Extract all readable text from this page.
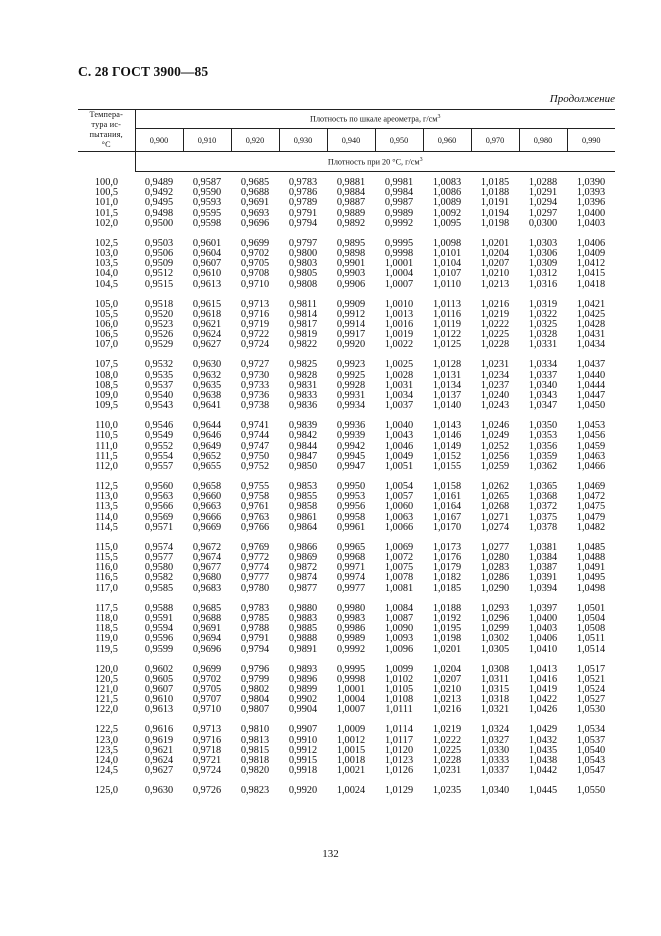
С. 28 ГОСТ 3900—85
Продолжение
Темпера-
тура ис-
пытания,
°С	Плотность по шкале ареометра, $г/см^3$
	0,900	0,910	0,920	0,930	0,940	0,950	0,960	0,970	0,980	0,990
	Плотность при 20 °С, $г/см^3$
100,0	0,9489	0,9587	0,9685	0,9783	0,9881	0,9981	1,0083	1,0185	1,0288	1,0390
100,5	0,9492	0,9590	0,9688	0,9786	0,9884	0,9984	1,0086	1,0188	1,0291	1,0393
101,0	0,9495	0,9593	0,9691	0,9789	0,9887	0,9987	1,0089	1,0191	1,0294	1,0396
101,5	0,9498	0,9595	0,9693	0,9791	0,9889	0,9989	1,0092	1,0194	1,0297	1,0400
102,0	0,9500	0,9598	0,9696	0,9794	0,9892	0,9992	1,0095	1,0198	0,0300	1,0403

102,5	0,9503	0,9601	0,9699	0,9797	0,9895	0,9995	1,0098	1,0201	1,0303	1,0406
103,0	0,9506	0,9604	0,9702	0,9800	0,9898	0,9998	1,0101	1,0204	1,0306	1,0409
103,5	0,9509	0,9607	0,9705	0,9803	0,9901	1,0001	1,0104	1,0207	1,0309	1,0412
104,0	0,9512	0,9610	0,9708	0,9805	0,9903	1,0004	1,0107	1,0210	1,0312	1,0415
104,5	0,9515	0,9613	0,9710	0,9808	0,9906	1,0007	1,0110	1,0213	1,0316	1,0418

105,0	0,9518	0,9615	0,9713	0,9811	0,9909	1,0010	1,0113	1,0216	1,0319	1,0421
105,5	0,9520	0,9618	0,9716	0,9814	0,9912	1,0013	1,0116	1,0219	1,0322	1,0425
106,0	0,9523	0,9621	0,9719	0,9817	0,9914	1,0016	1,0119	1,0222	1,0325	1,0428
106,5	0,9526	0,9624	0,9722	0,9819	0,9917	1,0019	1,0122	1,0225	1,0328	1,0431
107,0	0,9529	0,9627	0,9724	0,9822	0,9920	1,0022	1,0125	1,0228	1,0331	1,0434

107,5	0,9532	0,9630	0,9727	0,9825	0,9923	1,0025	1,0128	1,0231	1,0334	1,0437
108,0	0,9535	0,9632	0,9730	0,9828	0,9925	1,0028	1,0131	1,0234	1,0337	1,0440
108,5	0,9537	0,9635	0,9733	0,9831	0,9928	1,0031	1,0134	1,0237	1,0340	1,0444
109,0	0,9540	0,9638	0,9736	0,9833	0,9931	1,0034	1,0137	1,0240	1,0343	1,0447
109,5	0,9543	0,9641	0,9738	0,9836	0,9934	1,0037	1,0140	1,0243	1,0347	1,0450

110,0	0,9546	0,9644	0,9741	0,9839	0,9936	1,0040	1,0143	1,0246	1,0350	1,0453
110,5	0,9549	0,9646	0,9744	0,9842	0,9939	1,0043	1,0146	1,0249	1,0353	1,0456
111,0	0,9552	0,9649	0,9747	0,9844	0,9942	1,0046	1,0149	1,0252	1,0356	1,0459
111,5	0,9554	0,9652	0,9750	0,9847	0,9945	1,0049	1,0152	1,0256	1,0359	1,0463
112,0	0,9557	0,9655	0,9752	0,9850	0,9947	1,0051	1,0155	1,0259	1,0362	1,0466

112,5	0,9560	0,9658	0,9755	0,9853	0,9950	1,0054	1,0158	1,0262	1,0365	1,0469
113,0	0,9563	0,9660	0,9758	0,9855	0,9953	1,0057	1,0161	1,0265	1,0368	1,0472
113,5	0,9566	0,9663	0,9761	0,9858	0,9956	1,0060	1,0164	1,0268	1,0372	1,0475
114,0	0,9569	0,9666	0,9763	0,9861	0,9958	1,0063	1,0167	1,0271	1,0375	1,0479
114,5	0,9571	0,9669	0,9766	0,9864	0,9961	1,0066	1,0170	1,0274	1,0378	1,0482

115,0	0,9574	0,9672	0,9769	0,9866	0,9965	1,0069	1,0173	1,0277	1,0381	1,0485
115,5	0,9577	0,9674	0,9772	0,9869	0,9968	1,0072	1,0176	1,0280	1,0384	1,0488
116,0	0,9580	0,9677	0,9774	0,9872	0,9971	1,0075	1,0179	1,0283	1,0387	1,0491
116,5	0,9582	0,9680	0,9777	0,9874	0,9974	1,0078	1,0182	1,0286	1,0391	1,0495
117,0	0,9585	0,9683	0,9780	0,9877	0,9977	1,0081	1,0185	1,0290	1,0394	1,0498

117,5	0,9588	0,9685	0,9783	0,9880	0,9980	1,0084	1,0188	1,0293	1,0397	1,0501
118,0	0,9591	0,9688	0,9785	0,9883	0,9983	1,0087	1,0192	1,0296	1,0400	1,0504
118,5	0,9594	0,9691	0,9788	0,9885	0,9986	1,0090	1,0195	1,0299	1,0403	1,0508
119,0	0,9596	0,9694	0,9791	0,9888	0,9989	1,0093	1,0198	1,0302	1,0406	1,0511
119,5	0,9599	0,9696	0,9794	0,9891	0,9992	1,0096	1,0201	1,0305	1,0410	1,0514

120,0	0,9602	0,9699	0,9796	0,9893	0,9995	1,0099	1,0204	1,0308	1,0413	1,0517
120,5	0,9605	0,9702	0,9799	0,9896	0,9998	1,0102	1,0207	1,0311	1,0416	1,0521
121,0	0,9607	0,9705	0,9802	0,9899	1,0001	1,0105	1,0210	1,0315	1,0419	1,0524
121,5	0,9610	0,9707	0,9804	0,9902	1,0004	1,0108	1,0213	1,0318	1,0422	1,0527
122,0	0,9613	0,9710	0,9807	0,9904	1,0007	1,0111	1,0216	1,0321	1,0426	1,0530

122,5	0,9616	0,9713	0,9810	0,9907	1,0009	1,0114	1,0219	1,0324	1,0429	1,0534
123,0	0,9619	0,9716	0,9813	0,9910	1,0012	1,0117	1,0222	1,0327	1,0432	1,0537
123,5	0,9621	0,9718	0,9815	0,9912	1,0015	1,0120	1,0225	1,0330	1,0435	1,0540
124,0	0,9624	0,9721	0,9818	0,9915	1,0018	1,0123	1,0228	1,0333	1,0438	1,0543
124,5	0,9627	0,9724	0,9820	0,9918	1,0021	1,0126	1,0231	1,0337	1,0442	1,0547

125,0	0,9630	0,9726	0,9823	0,9920	1,0024	1,0129	1,0235	1,0340	1,0445	1,0550
132
